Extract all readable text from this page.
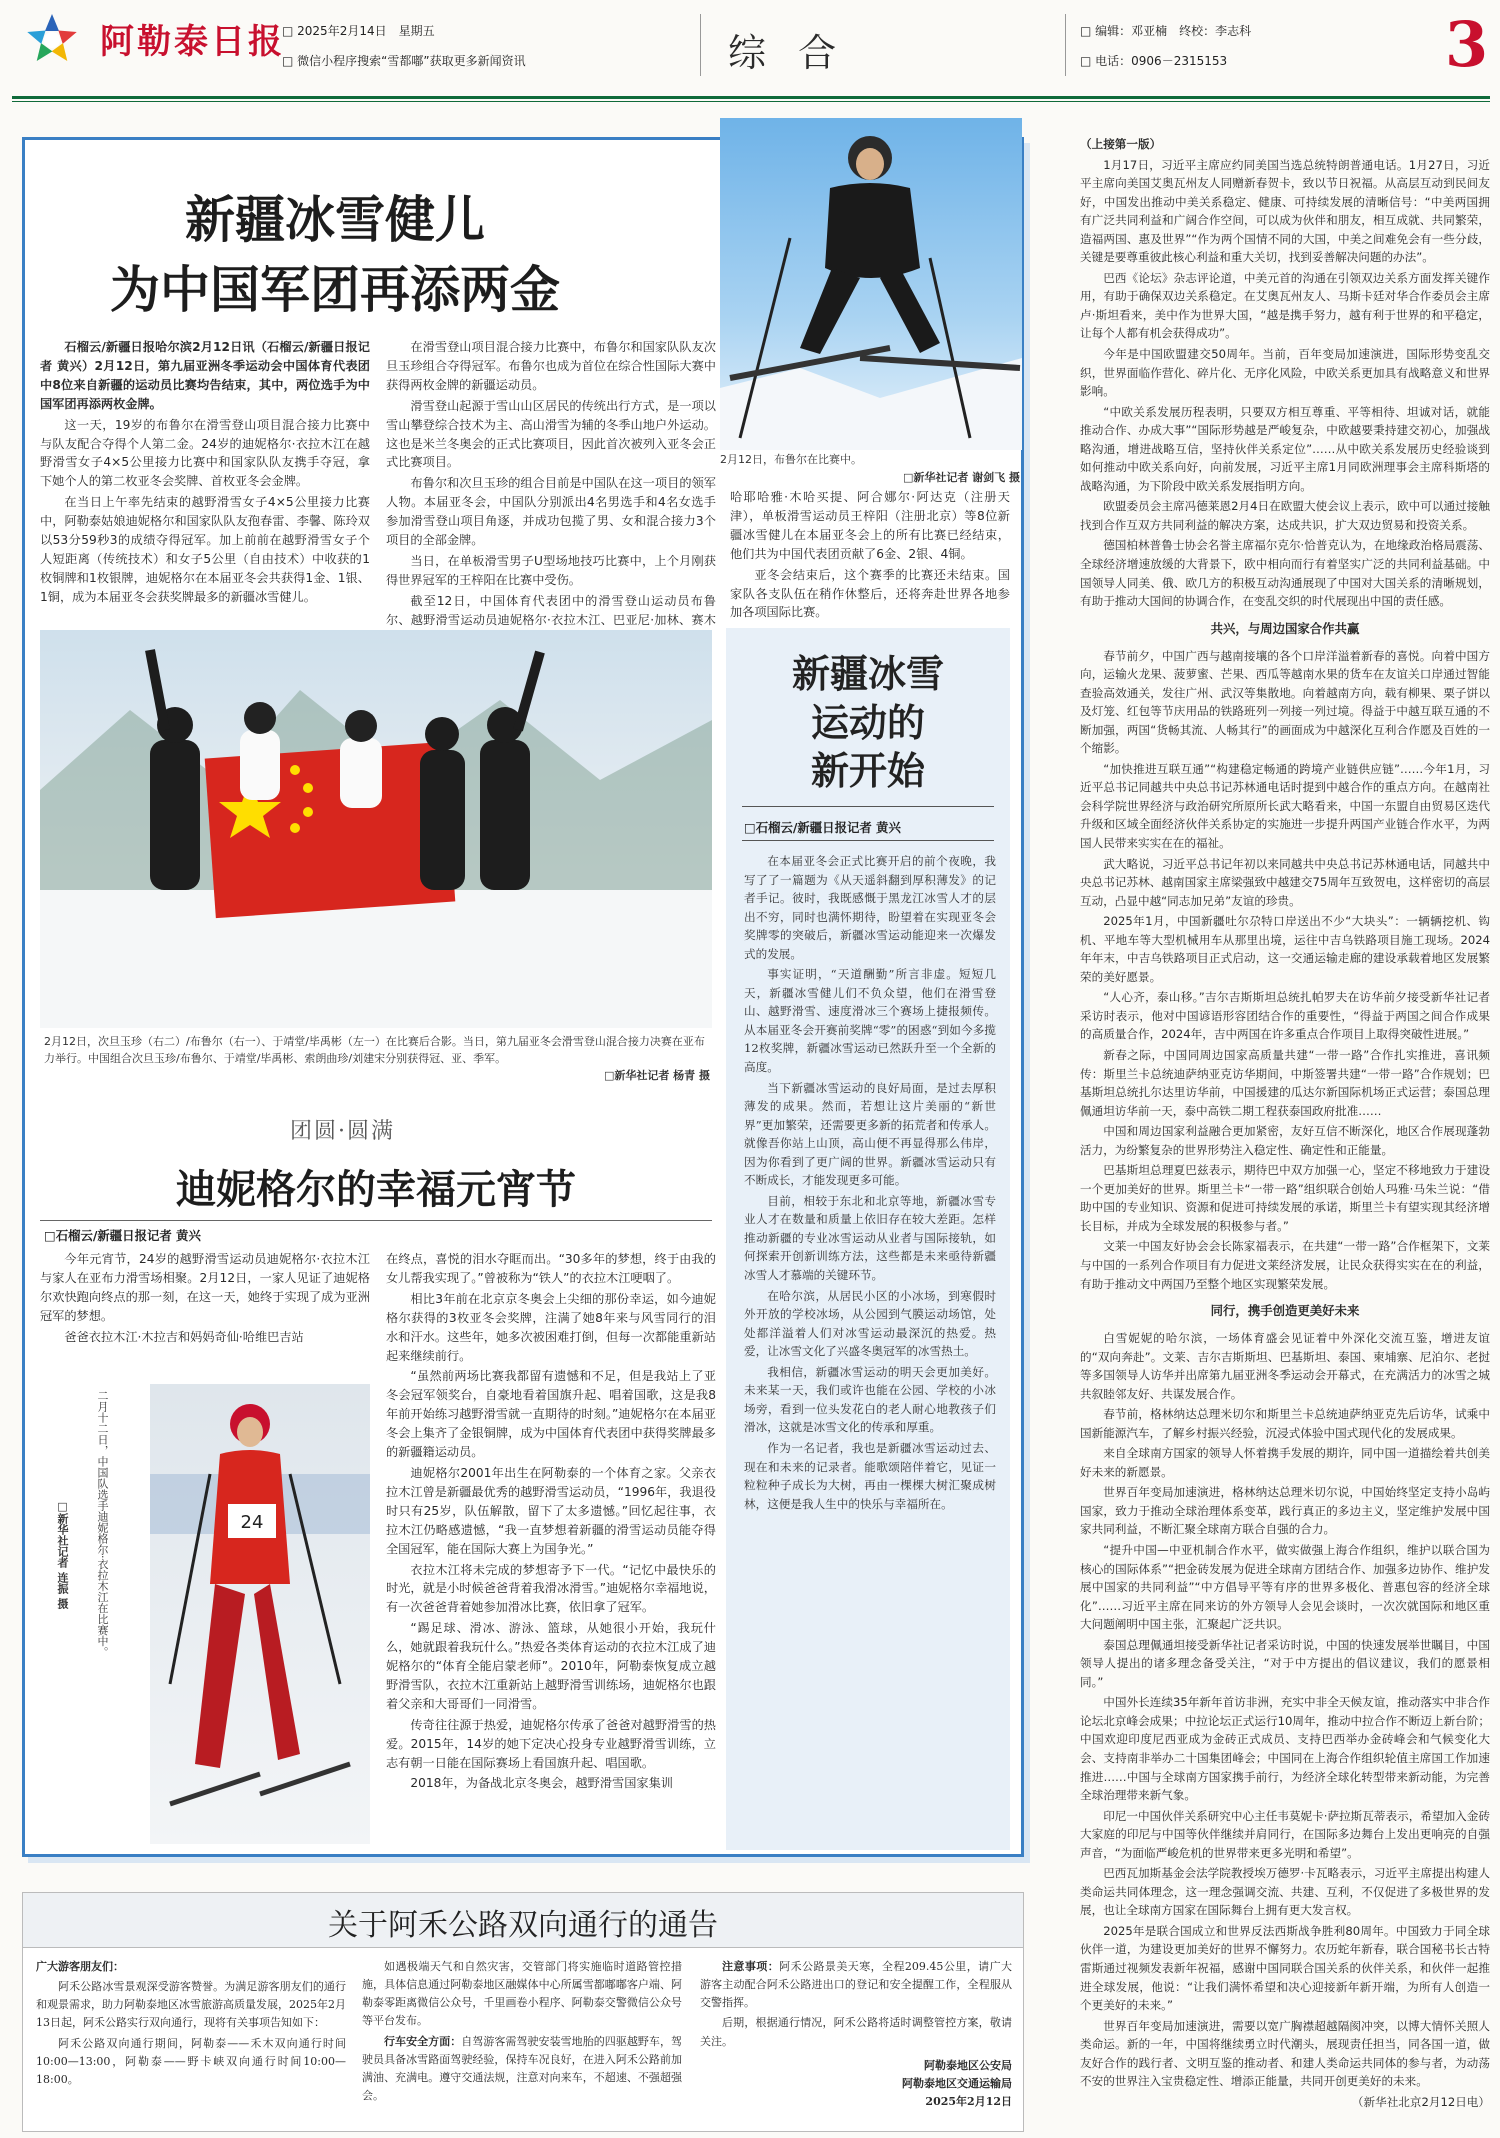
阿勒泰日报
□ 2025年2月14日　星期五
□ 微信小程序搜索“雪都嘟”获取更多新闻资讯	综 合	□ 编辑：邓亚楠　终校：李志科
□ 电话：0906－2315153	3
新疆冰雪健儿
为中国军团再添两金
2月12日，布鲁尔在比赛中。
□新华社记者 谢剑飞 摄

石榴云/新疆日报哈尔滨2月12日讯（石榴云/新疆日报记者 黄兴）2月12日，第九届亚洲冬季运动会中国体育代表团中8位来自新疆的运动员比赛均告结束，其中，两位选手为中国军团再添两枚金牌。

这一天，19岁的布鲁尔在滑雪登山项目混合接力比赛中与队友配合夺得个人第二金。24岁的迪妮格尔·衣拉木江在越野滑雪女子4×5公里接力比赛中和国家队队友携手夺冠，拿下她个人的第二枚亚冬会奖牌、首枚亚冬会金牌。

在当日上午率先结束的越野滑雪女子4×5公里接力比赛中，阿勒泰姑娘迪妮格尔和国家队队友孢春雷、李馨、陈玲双以53分59秒3的成绩夺得冠军。加上前前在越野滑雪女子个人短距离（传统技术）和女子5公里（自由技术）中收获的1枚铜牌和1枚银牌，迪妮格尔在本届亚冬会共获得1金、1银、1铜，成为本届亚冬会获奖牌最多的新疆冰雪健儿。

在滑雪登山项目混合接力比赛中，布鲁尔和国家队队友次旦玉珍组合夺得冠军。布鲁尔也成为首位在综合性国际大赛中获得两枚金牌的新疆运动员。

滑雪登山起源于雪山山区居民的传统出行方式，是一项以雪山攀登综合技术为主、高山滑雪为辅的冬季山地户外运动。这也是米兰冬奥会的正式比赛项目，因此首次被列入亚冬会正式比赛项目。

布鲁尔和次旦玉珍的组合目前是中国队在这一项目的领军人物。本届亚冬会，中国队分别派出4名男选手和4名女选手参加滑雪登山项目角逐，并成功包揽了男、女和混合接力3个项目的全部金牌。

当日，在单板滑雪男子U型场地技巧比赛中，上个月刚获得世界冠军的王梓阳在比赛中受伤。

截至12日，中国体育代表团中的滑雪登山运动员布鲁尔、越野滑雪运动员迪妮格尔·衣拉木江、巴亚尼·加林、赛木

哈耶哈雅·木哈买提、阿合娜尔·阿达克（注册天津），单板滑雪运动员王梓阳（注册北京）等8位新疆冰雪健儿在本届亚冬会上的所有比赛已经结束，他们共为中国代表团贡献了6金、2银、4铜。

亚冬会结束后，这个赛季的比赛还未结束。国家队各支队伍在稍作休整后，还将奔赴世界各地参加各项国际比赛。

2月12日，次旦玉珍（右二）/布鲁尔（右一）、于靖堂/毕禹彬（左一）在比赛后合影。当日，第九届亚冬会滑雪登山混合接力决赛在亚布力举行。中国组合次旦玉珍/布鲁尔、于靖堂/毕禹彬、索朗曲珍/刘建宋分别获得冠、亚、季军。
□新华社记者 杨青 摄
新疆冰雪
运动的
新开始
□石榴云/新疆日报记者 黄兴

在本届亚冬会正式比赛开启的前个夜晚，我写了了一篇题为《从天遥斜翻到厚积薄发》的记者手记。彼时，我既感慨于黑龙江冰雪人才的层出不穷，同时也满怀期待，盼望着在实现亚冬会奖牌零的突破后，新疆冰雪运动能迎来一次爆发式的发展。

事实证明，“天道酬勤”所言非虚。短短几天，新疆冰雪健儿们不负众望，他们在滑雪登山、越野滑雪、速度滑冰三个赛场上捷报频传。从本届亚冬会开赛前奖牌“零”的困惑“到如今多揽12枚奖牌，新疆冰雪运动已然跃升至一个全新的高度。

当下新疆冰雪运动的良好局面，是过去厚积薄发的成果。然而，若想让这片美丽的“新世界”更加繁荣，还需要更多新的拓荒者和传承人。就像吾你站上山顶，高山便不再显得那么伟岸，因为你看到了更广阔的世界。新疆冰雪运动只有不断成长，才能发现更多可能。

目前，相较于东北和北京等地，新疆冰雪专业人才在数量和质量上依旧存在较大差距。怎样推动新疆的专业冰雪运动从业者与国际接轨，如何探索开创新训练方法，这些都是未来亟待新疆冰雪人才慕端的关键环节。

在哈尔滨，从居民小区的小冰场，到寒假时外开放的学校冰场，从公园到气膜运动场馆，处处都洋溢着人们对冰雪运动最深沉的热爱。热爱，让冰雪文化了兴盛冬奥冠军的冰雪热土。

我相信，新疆冰雪运动的明天会更加美好。未来某一天，我们或许也能在公园、学校的小冰场旁，看到一位头发花白的老人耐心地教孩子们滑冰，这就是冰雪文化的传承和厚重。

作为一名记者，我也是新疆冰雪运动过去、现在和未来的记录者。能歌颂陪伴着它，见证一粒粒种子成长为大树，再由一棵棵大树汇聚成树林，这便是我人生中的快乐与幸福所在。

团圆·圆满
迪妮格尔的幸福元宵节
□石榴云/新疆日报记者 黄兴

今年元宵节，24岁的越野滑雪运动员迪妮格尔·衣拉木江与家人在亚布力滑雪场相聚。2月12日，一家人见证了迪妮格尔欢快跑向终点的那一刻，在这一天，她终于实现了成为亚洲冠军的梦想。

爸爸衣拉木江·木拉吉和妈妈奇仙·哈维巴吉站

24
二月十二日，中国队选手迪妮格尔·衣拉木江在比赛中。
□新华社记者 连振 摄

在终点，喜悦的泪水夺眶而出。“30多年的梦想，终于由我的女儿帮我实现了。”曾被称为“铁人”的衣拉木江哽咽了。

相比3年前在北京京冬奥会上尖细的那份幸运，如今迪妮格尔获得的3枚亚冬会奖牌，注满了她8年来与风雪同行的泪水和汗水。这些年，她多次被困难打倒，但每一次都能重新站起来继续前行。

“虽然前两场比赛我都留有遗憾和不足，但是我站上了亚冬会冠军领奖台，自豪地看着国旗升起、唱着国歌，这是我8年前开始练习越野滑雪就一直期待的时刻。”迪妮格尔在本届亚冬会上集齐了金银铜牌，成为中国体育代表团中获得奖牌最多的新疆籍运动员。

迪妮格尔2001年出生在阿勒泰的一个体育之家。父亲衣拉木江曾是新疆最优秀的越野滑雪运动员，“1996年，我退役时只有25岁，队伍解散，留下了太多遗憾。”回忆起往事，衣拉木江仍略感遗憾，“我一直梦想着新疆的滑雪运动员能夺得全国冠军，能在国际大赛上为国争光。”

衣拉木江将未完成的梦想寄予下一代。“记忆中最快乐的时光，就是小时候爸爸背着我滑冰滑雪。”迪妮格尔幸福地说，有一次爸爸背着她参加滑冰比赛，依旧拿了冠军。

“踢足球、滑冰、游泳、篮球，从她很小开始，我玩什么，她就跟着我玩什么。”热爱各类体育运动的衣拉木江成了迪妮格尔的“体育全能启蒙老师”。2010年，阿勒泰恢复成立越野滑雪队，衣拉木江重新站上越野滑雪训练场，迪妮格尔也跟着父亲和大哥哥们一同滑雪。

传奇往往源于热爱，迪妮格尔传承了爸爸对越野滑雪的热爱。2015年，14岁的她下定决心投身专业越野滑雪训练，立志有朝一日能在国际赛场上看国旗升起、唱国歌。

2018年，为备战北京冬奥会，越野滑雪国家集训

（上接第一版）

1月17日，习近平主席应约同美国当选总统特朗普通电话。1月27日，习近平主席向美国艾奥瓦州友人同赠新春贺卡，致以节日祝福。从高层互动到民间友好，中国发出推动中美关系稳定、健康、可持续发展的清晰信号：“中美两国拥有广泛共同利益和广阔合作空间，可以成为伙伴和朋友，相互成就、共同繁荣，造福两国、惠及世界”“作为两个国情不同的大国，中美之间难免会有一些分歧，关键是要尊重彼此核心利益和重大关切，找到妥善解决问题的办法”。

巴西《论坛》杂志评论道，中美元首的沟通在引领双边关系方面发挥关键作用，有助于确保双边关系稳定。在艾奥瓦州友人、马斯卡廷对华合作委员会主席卢·斯坦看来，美中作为世界大国，“越是携手努力，越有利于世界的和平稳定，让每个人都有机会获得成功”。

今年是中国欧盟建交50周年。当前，百年变局加速演进，国际形势变乱交织，世界面临作营化、碎片化、无序化风险，中欧关系更加具有战略意义和世界影响。

“中欧关系发展历程表明，只要双方相互尊重、平等相待、坦诚对话，就能推动合作、办成大事”“国际形势越是严峻复杂，中欧越要秉持建交初心，加强战略沟通，增进战略互信，坚持伙伴关系定位”……从中欧关系发展历史经验谈到如何推动中欧关系向好，向前发展，习近平主席1月同欧洲理事会主席科斯塔的战略沟通，为下阶段中欧关系发展指明方向。

欧盟委员会主席冯德莱恩2月4日在欧盟大使会议上表示，欧中可以通过接触找到合作互双方共同利益的解决方案，达成共识，扩大双边贸易和投资关系。

德国柏林普鲁士协会名誉主席福尔克尔·恰普克认为，在地缘政治格局震荡、全球经济增速放缓的大背景下，欧中相向而行有着坚实广泛的共同利益基础。中国领导人同美、俄、欧几方的积极互动沟通展现了中国对大国关系的清晰规划，有助于推动大国间的协调合作，在变乱交织的时代展现出中国的责任感。

共兴，与周边国家合作共赢

春节前夕，中国广西与越南接壤的各个口岸洋溢着新春的喜悦。向着中国方向，运输火龙果、菠萝蜜、芒果、西瓜等越南水果的货车在友谊关口岸通过智能查验高效通关，发往广州、武汉等集散地。向着越南方向，载有柳果、栗子饼以及灯笼、红包等节庆用品的铁路班列一列接一列过境。得益于中越互联互通的不断加强，两国“货畅其流、人畅其行”的画面成为中越深化互利合作愿及百姓的一个缩影。

“加快推进互联互通”“构建稳定畅通的跨境产业链供应链”……今年1月，习近平总书记同越共中央总书记苏林通电话时提到中越合作的重点方向。在越南社会科学院世界经济与政治研究所原所长武大略看来，中国一东盟自由贸易区迭代升级和区域全面经济伙伴关系协定的实施进一步提升两国产业链合作水平，为两国人民带来实实在在的福祉。

武大略说，习近平总书记年初以来同越共中央总书记苏林通电话，同越共中央总书记苏林、越南国家主席梁强致中越建交75周年互致贺电，这样密切的高层互动，凸显中越“同志加兄弟”友谊的珍贵。

2025年1月，中国新疆吐尔尕特口岸送出不少“大块头”：一辆辆挖机、钩机、平地车等大型机械用车从那里出境，运往中吉乌铁路项目施工现场。2024年年末，中吉乌铁路项目正式启动，这一交通运输走廊的建设承载着地区发展繁荣的美好愿景。

“人心齐，泰山移。”吉尔吉斯斯坦总统扎帕罗夫在访华前夕接受新华社记者采访时表示，他对中国谚语形容团结合作的重要性，“得益于两国之间合作成果的高质量合作，2024年，吉中两国在许多重点合作项目上取得突破性进展。”

新春之际，中国同周边国家高质量共建“一带一路”合作扎实推进，喜讯频传：斯里兰卡总统迪萨纳亚克访华期间，中斯签署共建“一带一路”合作规划；巴基斯坦总统扎尔达里访华前，中国援建的瓜达尔新国际机场正式运营；泰国总理佩通坦访华前一天，泰中高铁二期工程获泰国政府批准……

中国和周边国家利益融合更加紧密，友好互信不断深化，地区合作展现蓬勃活力，为纷繁复杂的世界形势注入稳定性、确定性和正能量。

巴基斯坦总理夏巴兹表示，期待巴中双方加强一心，坚定不移地致力于建设一个更加美好的世界。斯里兰卡“一带一路”组织联合创始人玛雅·马朱兰说：“借助中国的专业知识、资源和促进可持续发展的承诺，斯里兰卡有望实现其经济增长目标，并成为全球发展的积极参与者。”

文莱一中国友好协会会长陈家福表示，在共建“一带一路”合作框架下，文莱与中国的一系列合作项目有力促进文莱经济发展，让民众获得实实在在的利益，有助于推动文中两国乃至整个地区实现繁荣发展。

同行，携手创造更美好未来

白雪妮妮的哈尔滨，一场体育盛会见证着中外深化交流互鉴，增进友谊的“双向奔赴”。文莱、吉尔吉斯斯坦、巴基斯坦、泰国、柬埔寨、尼泊尔、老挝等多国领导人访华并出席第九届亚洲冬季运动会开幕式，在充满活力的冰雪之城共叙睦邻友好、共谋发展合作。

春节前，格林纳达总理米切尔和斯里兰卡总统迪萨纳亚克先后访华，试乘中国新能源汽车，了解乡村振兴经验，沉浸式体验中国式现代化的发展成果。

来自全球南方国家的领导人怀着携手发展的期许，同中国一道描绘着共创美好未来的新愿景。

世界百年变局加速演进，格林纳达总理米切尔说，中国始终坚定支持小岛屿国家，致力于推动全球治理体系变革，践行真正的多边主义，坚定维护发展中国家共同利益，不断汇聚全球南方联合自强的合力。

“提升中国—中亚机制合作水平，做实做强上海合作组织，维护以联合国为核心的国际体系”“把金砖发展为促进全球南方团结合作、加强多边协作、维护发展中国家的共同利益”“中方倡导平等有序的世界多极化、普惠包容的经济全球化”……习近平主席在同来访的外方领导人会见会谈时，一次次就国际和地区重大问题阐明中国主张，汇聚起广泛共识。

泰国总理佩通坦接受新华社记者采访时说，中国的快速发展举世瞩目，中国领导人提出的诸多理念备受关注，“对于中方提出的倡议建议，我们的愿景相同。”

中国外长连续35年新年首访非洲，充实中非全天候友谊，推动落实中非合作论坛北京峰会成果；中拉论坛正式运行10周年，推动中拉合作不断迈上新台阶；中国欢迎印度尼西亚成为金砖正式成员、支持巴西举办金砖峰会和气候变化大会、支持南非举办二十国集团峰会；中国同在上海合作组织轮值主席国工作加速推进……中国与全球南方国家携手前行，为经济全球化转型带来新动能，为完善全球治理带来新气象。

印尼一中国伙伴关系研究中心主任韦莫妮卡·萨拉斯瓦蒂表示，希望加入金砖大家庭的印尼与中国等伙伴继续并肩同行，在国际多边舞台上发出更响亮的自强声音，“为面临严峻危机的世界带来更多光明和希望”。

巴西瓦加斯基金会法学院教授埃万德罗·卡瓦略表示，习近平主席提出构建人类命运共同体理念，这一理念强调交流、共建、互利，不仅促进了多极世界的发展，也让全球南方国家在国际舞台上拥有更大发言权。

2025年是联合国成立和世界反法西斯战争胜利80周年。中国致力于同全球伙伴一道，为建设更加美好的世界不懈努力。农历蛇年新春，联合国秘书长古特雷斯通过视频发表新年祝福，感谢中国同联合国关系的伙伴关系，和伙伴一起推进全球发展，他说：“让我们满怀希望和决心迎接新年新开端，为所有人创造一个更美好的未来。”

世界百年变局加速演进，需要以宽广胸襟超越隔阂冲突，以博大情怀关照人类命运。新的一年，中国将继续勇立时代潮头，展现责任担当，同各国一道，做友好合作的践行者、文明互鉴的推动者、和建人类命运共同体的参与者，为动荡不安的世界注入宝贵稳定性、增添正能量，共同开创更美好的未来。

（新华社北京2月12日电）

关于阿禾公路双向通行的通告

广大游客朋友们：

阿禾公路冰雪景观深受游客赞誉。为满足游客朋友们的通行和观景需求，助力阿勒泰地区冰雪旅游高质量发展，2025年2月13日起，阿禾公路实行双向通行，现将有关事项告知如下：

阿禾公路双向通行期间，阿勒泰——禾木双向通行时间10:00—13:00，阿勒泰——野卡峡双向通行时间10:00—18:00。

如遇极端天气和自然灾害，交管部门将实施临时道路管控措施，具体信息通过阿勒泰地区融媒体中心所属雪都嘟嘟客户端、阿勒泰零距离微信公众号，千里画卷小程序、阿勒泰交警微信公众号等平台发布。

行车安全方面：自驾游客需驾驶安装雪地胎的四驱越野车，驾驶员具备冰雪路面驾驶经验，保持车况良好，在进入阿禾公路前加满油、充满电。遵守交通法规，注意对向来车，不超速、不强超强会。

注意事项：阿禾公路景美天寒，全程209.45公里，请广大游客主动配合阿禾公路进出口的登记和安全提醒工作，全程服从交警指挥。

后期，根据通行情况，阿禾公路将适时调整管控方案，敬请关注。

阿勒泰地区公安局
阿勒泰地区交通运输局
2025年2月12日
